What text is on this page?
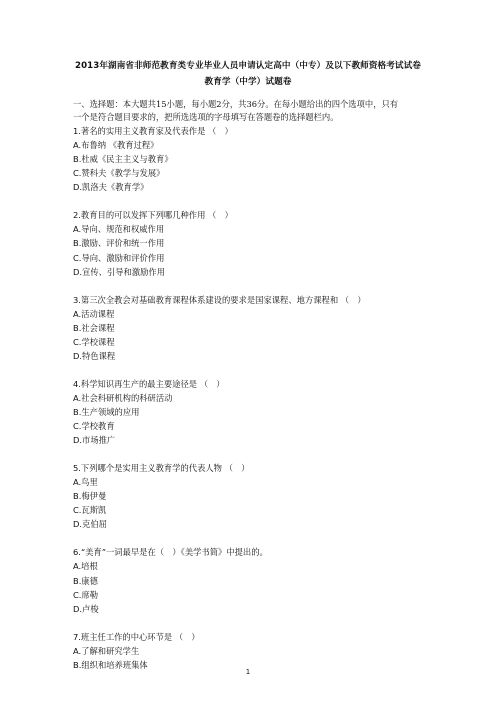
2013年湖南省非师范教育类专业毕业人员申请认定高中（中专）及以下教师资格考试试卷
教育学（中学）试题卷
一、选择题：本大题共15小题，每小题2分，共36分。在每小题给出的四个选项中，只有
一个是符合题目要求的，把所选选项的字母填写在答题卷的选择题栏内。
1.著名的实用主义教育家及代表作是 （　）
A.布鲁纳 《教育过程》
B.杜威《民主主义与教育》
C.赞科夫《教学与发展》
D.凯洛夫《教育学》
2.教育目的可以发挥下列哪几种作用 （　）
A.导向、规范和权威作用
B.激励、评价和统一作用
C.导向、激励和评价作用
D.宣传、引导和激励作用
3.第三次全教会对基础教育课程体系建设的要求是国家课程、地方课程和 （　）
A.活动课程
B.社会课程
C.学校课程
D.特色课程
4.科学知识再生产的最主要途径是 （　）
A.社会科研机构的科研活动
B.生产领域的应用
C.学校教育
D.市场推广
5.下列哪个是实用主义教育学的代表人物 （　）
A.鸟里
B.梅伊曼
C.瓦斯凯
D.克伯屈
6.“美育”一词最早是在（　）《美学书简》中提出的。
A.培根
B.康德
C.席勒
D.卢梭
7.班主任工作的中心环节是 （　）
A.了解和研究学生
B.组织和培养班集体
1
